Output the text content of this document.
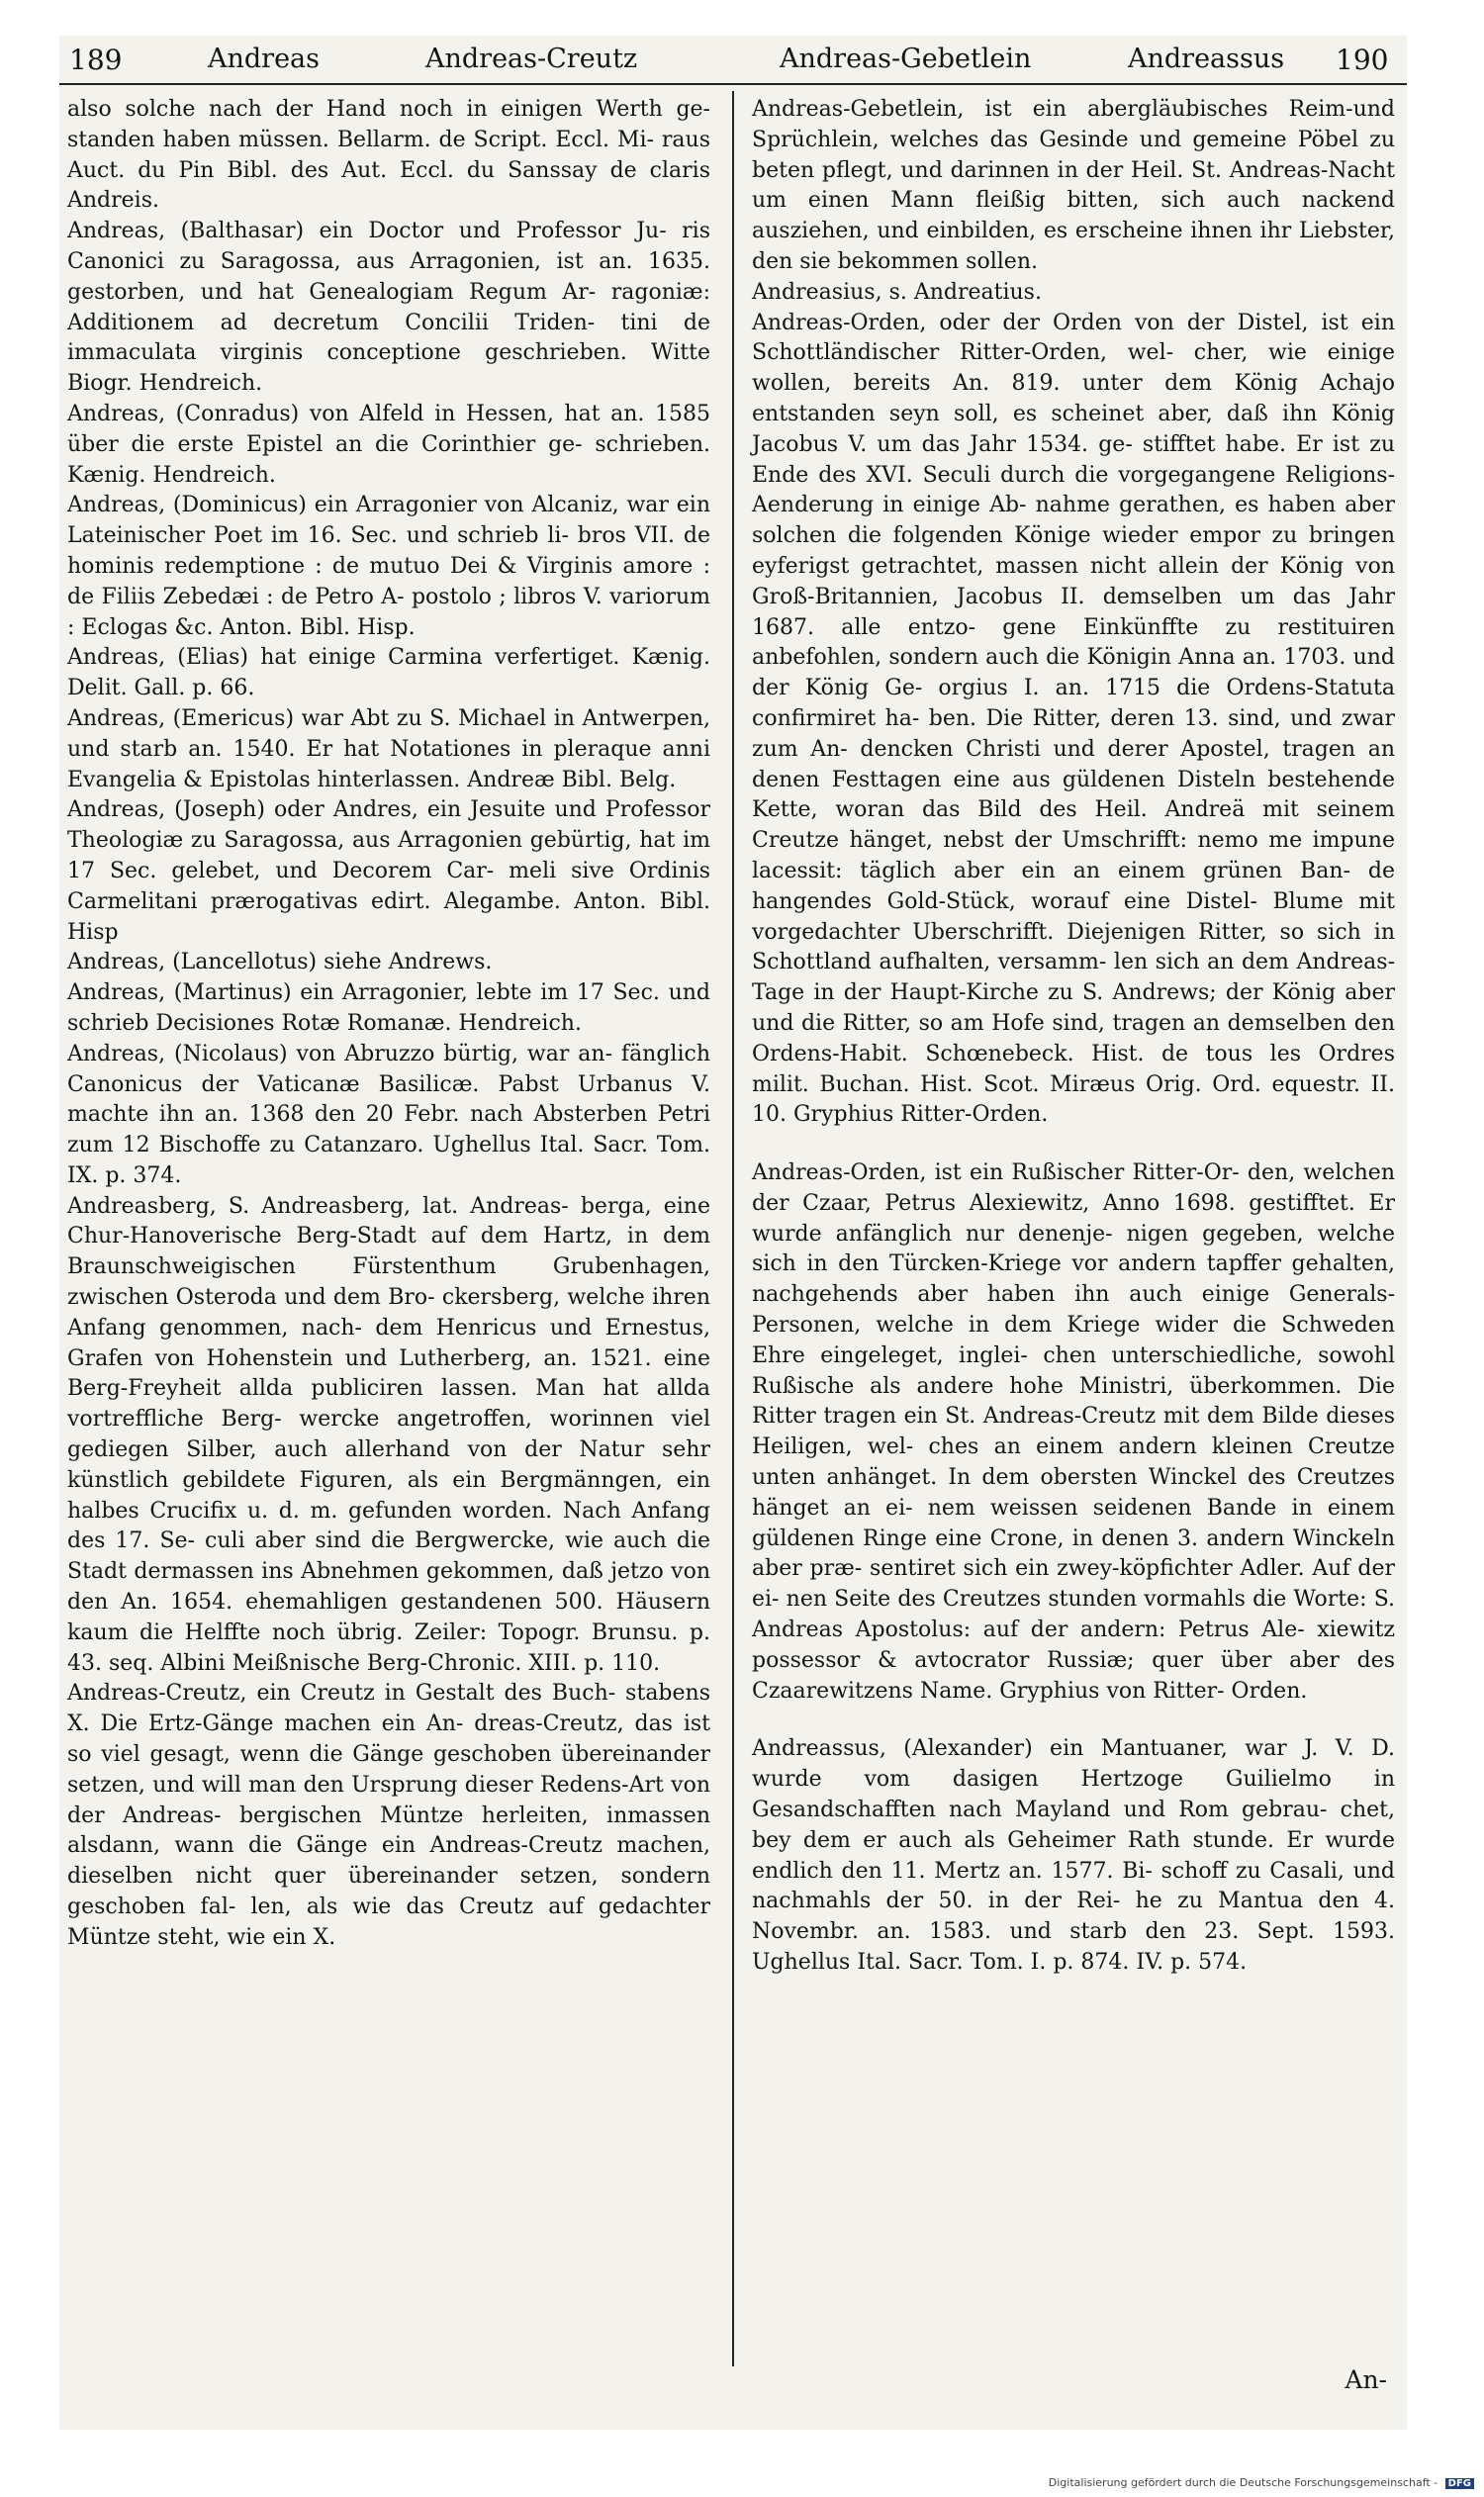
189	Andreas	Andreas-Creutz	Andreas-Gebetlein	Andreassus 190

also solche nach der Hand noch in einigen Werth ge- standen haben müssen. Bellarm. de Script. Eccl. Mi- raus Auct. du Pin Bibl. des Aut. Eccl. du Sanssay de claris Andreis.

Andreas, (Balthasar) ein Doctor und Professor Ju- ris Canonici zu Saragossa, aus Arragonien, ist an. 1635. gestorben, und hat Genealogiam Regum Ar- ragoniæ: Additionem ad decretum Concilii Triden- tini de immaculata virginis conceptione geschrieben. Witte Biogr. Hendreich.

Andreas, (Conradus) von Alfeld in Hessen, hat an. 1585 über die erste Epistel an die Corinthier ge- schrieben. Kænig. Hendreich.

Andreas, (Dominicus) ein Arragonier von Alcaniz, war ein Lateinischer Poet im 16. Sec. und schrieb li- bros VII. de hominis redemptione : de mutuo Dei & Virginis amore : de Filiis Zebedæi : de Petro A- postolo ; libros V. variorum : Eclogas &c. Anton. Bibl. Hisp.

Andreas, (Elias) hat einige Carmina verfertiget. Kænig. Delit. Gall. p. 66.

Andreas, (Emericus) war Abt zu S. Michael in Antwerpen, und starb an. 1540. Er hat Notationes in pleraque anni Evangelia & Epistolas hinterlassen. Andreæ Bibl. Belg.

Andreas, (Joseph) oder Andres, ein Jesuite und Professor Theologiæ zu Saragossa, aus Arragonien gebürtig, hat im 17 Sec. gelebet, und Decorem Car- meli sive Ordinis Carmelitani prærogativas edirt. Alegambe. Anton. Bibl. Hisp

Andreas, (Lancellotus) siehe Andrews.

Andreas, (Martinus) ein Arragonier, lebte im 17 Sec. und schrieb Decisiones Rotæ Romanæ. Hendreich.

Andreas, (Nicolaus) von Abruzzo bürtig, war an- fänglich Canonicus der Vaticanæ Basilicæ. Pabst Urbanus V. machte ihn an. 1368 den 20 Febr. nach Absterben Petri zum 12 Bischoffe zu Catanzaro. Ughellus Ital. Sacr. Tom. IX. p. 374.

Andreasberg, S. Andreasberg, lat. Andreas- berga, eine Chur-Hanoverische Berg-Stadt auf dem Hartz, in dem Braunschweigischen Fürstenthum Grubenhagen, zwischen Osteroda und dem Bro- ckersberg, welche ihren Anfang genommen, nach- dem Henricus und Ernestus, Grafen von Hohenstein und Lutherberg, an. 1521. eine Berg-Freyheit allda publiciren lassen. Man hat allda vortreffliche Berg- wercke angetroffen, worinnen viel gediegen Silber, auch allerhand von der Natur sehr künstlich gebildete Figuren, als ein Bergmänngen, ein halbes Crucifix u. d. m. gefunden worden. Nach Anfang des 17. Se- culi aber sind die Bergwercke, wie auch die Stadt dermassen ins Abnehmen gekommen, daß jetzo von den An. 1654. ehemahligen gestandenen 500. Häusern kaum die Helffte noch übrig. Zeiler: Topogr. Brunsu. p. 43. seq. Albini Meißnische Berg-Chronic. XIII. p. 110.

Andreas-Creutz, ein Creutz in Gestalt des Buch- stabens X. Die Ertz-Gänge machen ein An- dreas-Creutz, das ist so viel gesagt, wenn die Gänge geschoben übereinander setzen, und will man den Ursprung dieser Redens-Art von der Andreas- bergischen Müntze herleiten, inmassen alsdann, wann die Gänge ein Andreas-Creutz machen, dieselben nicht quer übereinander setzen, sondern geschoben fal- len, als wie das Creutz auf gedachter Müntze steht, wie ein X.

Andreas-Gebetlein, ist ein abergläubisches Reim-und Sprüchlein, welches das Gesinde und gemeine Pöbel zu beten pflegt, und darinnen in der Heil. St. Andreas-Nacht um einen Mann fleißig bitten, sich auch nackend ausziehen, und einbilden, es erscheine ihnen ihr Liebster, den sie bekommen sollen.

Andreasius, s. Andreatius.

Andreas-Orden, oder der Orden von der Distel, ist ein Schottländischer Ritter-Orden, wel- cher, wie einige wollen, bereits An. 819. unter dem König Achajo entstanden seyn soll, es scheinet aber, daß ihn König Jacobus V. um das Jahr 1534. ge- stifftet habe. Er ist zu Ende des XVI. Seculi durch die vorgegangene Religions-Aenderung in einige Ab- nahme gerathen, es haben aber solchen die folgenden Könige wieder empor zu bringen eyferigst getrachtet, massen nicht allein der König von Groß-Britannien, Jacobus II. demselben um das Jahr 1687. alle entzo- gene Einkünffte zu restituiren anbefohlen, sondern auch die Königin Anna an. 1703. und der König Ge- orgius I. an. 1715 die Ordens-Statuta confirmiret ha- ben. Die Ritter, deren 13. sind, und zwar zum An- dencken Christi und derer Apostel, tragen an denen Festtagen eine aus güldenen Disteln bestehende Kette, woran das Bild des Heil. Andreä mit seinem Creutze hänget, nebst der Umschrifft: nemo me impune lacessit: täglich aber ein an einem grünen Ban- de hangendes Gold-Stück, worauf eine Distel- Blume mit vorgedachter Uberschrifft. Diejenigen Ritter, so sich in Schottland aufhalten, versamm- len sich an dem Andreas-Tage in der Haupt-Kirche zu S. Andrews; der König aber und die Ritter, so am Hofe sind, tragen an demselben den Ordens-Habit. Schœnebeck. Hist. de tous les Ordres milit. Buchan. Hist. Scot. Miræus Orig. Ord. equestr. II. 10. Gryphius Ritter-Orden.

Andreas-Orden, ist ein Rußischer Ritter-Or- den, welchen der Czaar, Petrus Alexiewitz, Anno 1698. gestifftet. Er wurde anfänglich nur denenje- nigen gegeben, welche sich in den Türcken-Kriege vor andern tapffer gehalten, nachgehends aber haben ihn auch einige Generals-Personen, welche in dem Kriege wider die Schweden Ehre eingeleget, inglei- chen unterschiedliche, sowohl Rußische als andere hohe Ministri, überkommen. Die Ritter tragen ein St. Andreas-Creutz mit dem Bilde dieses Heiligen, wel- ches an einem andern kleinen Creutze unten anhänget. In dem obersten Winckel des Creutzes hänget an ei- nem weissen seidenen Bande in einem güldenen Ringe eine Crone, in denen 3. andern Winckeln aber præ- sentiret sich ein zwey-köpfichter Adler. Auf der ei- nen Seite des Creutzes stunden vormahls die Worte: S. Andreas Apostolus: auf der andern: Petrus Ale- xiewitz possessor & avtocrator Russiæ; quer über aber des Czaarewitzens Name. Gryphius von Ritter- Orden.

Andreassus, (Alexander) ein Mantuaner, war J. V. D. wurde vom dasigen Hertzoge Guilielmo in Gesandschafften nach Mayland und Rom gebrau- chet, bey dem er auch als Geheimer Rath stunde. Er wurde endlich den 11. Mertz an. 1577. Bi- schoff zu Casali, und nachmahls der 50. in der Rei- he zu Mantua den 4. Novembr. an. 1583. und starb den 23. Sept. 1593. Ughellus Ital. Sacr. Tom. I. p. 874. IV. p. 574.

An-
Digitalisierung gefördert durch die Deutsche Forschungsgemeinschaft - DFG
